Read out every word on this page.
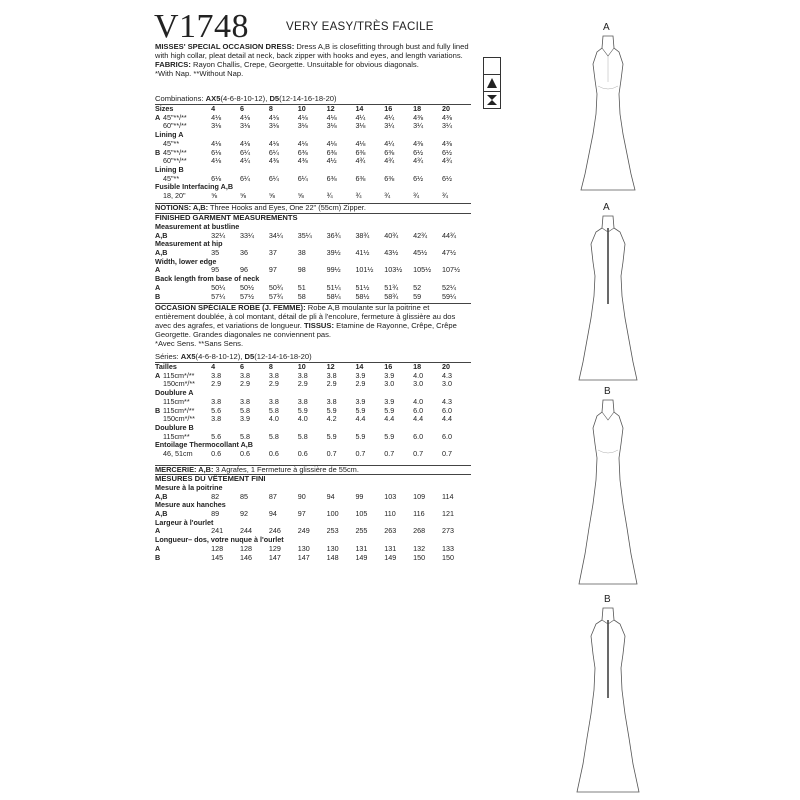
V1748	VERY EASY/TRÈS FACILE

MISSES' SPECIAL OCCASION DRESS: Dress A,B is closefitting through bust and fully lined with high collar, pleat detail at neck, back zipper with hooks and eyes, and length variations. FABRICS: Rayon Challis, Crepe, Georgette. Unsuitable for obvious diagonals.

*With Nap. **Without Nap.

Combinations: AX5(4-6-8-10-12), D5(12-14-16-18-20)
Sizes	4	6	8	10	12	14	16	18	20
A 45"**/**	4⅛	4⅛	4⅛	4⅛	4⅛	4¼	4¼	4⅜	4⅜
60"**/**	3⅛	3⅛	3⅛	3⅛	3⅛	3⅛	3¼	3¼	3¼
Lining A									
45"**	4⅛	4⅛	4⅛	4⅛	4⅛	4⅛	4¼	4⅜	4⅜
B 45"**/**	6⅛	6¼	6¼	6⅜	6⅜	6⅜	6⅜	6½	6½
60"**/**	4⅛	4¼	4⅜	4⅜	4½	4¾	4¾	4¾	4¾
Lining B									
45"**	6⅛	6¼	6¼	6¼	6⅜	6⅜	6⅜	6½	6½
Fusible Interfacing A,B									
18, 20"	⅝	⅝	⅝	⅝	¾	¾	¾	¾	¾
NOTIONS: A,B: Three Hooks and Eyes, One 22" (55cm) Zipper.
FINISHED GARMENT MEASUREMENTS
Measurement at bustline									
A,B	32¼	33¼	34¼	35¼	36¾	38¾	40¾	42¾	44¾
Measurement at hip									
A,B	35	36	37	38	39½	41½	43½	45½	47½
Width, lower edge									
A	95	96	97	98	99½	101½	103½	105½	107½
Back length from base of neck									
A	50¼	50½	50¾	51	51¼	51½	51¾	52	52¼
B	57¼	57½	57¾	58	58¼	58½	58¾	59	59¼

OCCASION SPÉCIALE ROBE (J. FEMME): Robe A,B moulante sur la poitrine et entièrement doublée, à col montant, détail de pli à l'encolure, fermeture à glissière au dos avec des agrafes, et variations de longueur. TISSUS: Etamine de Rayonne, Crêpe, Crêpe Georgette. Grandes diagonales ne conviennent pas.

*Avec Sens. **Sans Sens.

Séries: AX5(4-6-8-10-12), D5(12-14-16-18-20)
Tailles	4	6	8	10	12	14	16	18	20
A 115cm*/**	3.8	3.8	3.8	3.8	3.8	3.9	3.9	4.0	4.3
150cm*/**	2.9	2.9	2.9	2.9	2.9	2.9	3.0	3.0	3.0
Doublure A									
115cm**	3.8	3.8	3.8	3.8	3.8	3.9	3.9	4.0	4.3
B 115cm*/**	5.6	5.8	5.8	5.9	5.9	5.9	5.9	6.0	6.0
150cm*/**	3.8	3.9	4.0	4.0	4.2	4.4	4.4	4.4	4.4
Doublure B									
115cm**	5.6	5.8	5.8	5.8	5.9	5.9	5.9	6.0	6.0
Entoilage Thermocollant A,B									
46, 51cm	0.6	0.6	0.6	0.6	0.7	0.7	0.7	0.7	0.7
MERCERIE: A,B: 3 Agrafes, 1 Fermeture à glissière de 55cm.
MESURES DU VÊTEMENT FINI
Mesure à la poitrine									
A,B	82	85	87	90	94	99	103	109	114
Mesure aux hanches									
A,B	89	92	94	97	100	105	110	116	121
Largeur à l'ourlet									
A	241	244	246	249	253	255	263	268	273
Longueur– dos, votre nuque à l'ourlet									
A	128	128	129	130	130	131	131	132	133
B	145	146	147	147	148	149	149	150	150
A
A
B
B
